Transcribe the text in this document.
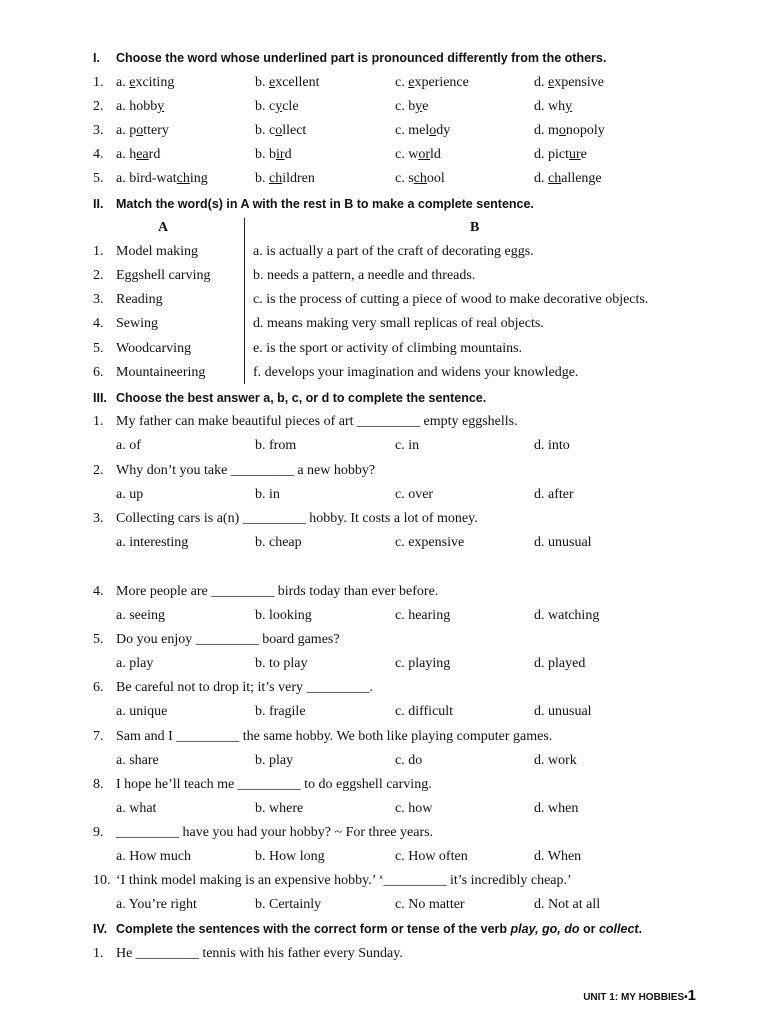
I. Choose the word whose underlined part is pronounced differently from the others.
1. a. exciting	b. excellent	c. experience	d. expensive
2. a. hobby	b. cycle	c. bye	d. why
3. a. pottery	b. collect	c. melody	d. monopoly
4. a. heard	b. bird	c. world	d. picture
5. a. bird-watching	b. children	c. school	d. challenge
II. Match the word(s) in A with the rest in B to make a complete sentence.
A	B
1. Model making	a. is actually a part of the craft of decorating eggs.
2. Eggshell carving	b. needs a pattern, a needle and threads.
3. Reading	c. is the process of cutting a piece of wood to make decorative objects.
4. Sewing	d. means making very small replicas of real objects.
5. Woodcarving	e. is the sport or activity of climbing mountains.
6. Mountaineering	f. develops your imagination and widens your knowledge.
III. Choose the best answer a, b, c, or d to complete the sentence.
1. My father can make beautiful pieces of art _________ empty eggshells.
a. of	b. from	c. in	d. into
2. Why don’t you take _________ a new hobby?
a. up	b. in	c. over	d. after
3. Collecting cars is a(n) _________ hobby. It costs a lot of money.
a. interesting	b. cheap	c. expensive	d. unusual
4. More people are _________ birds today than ever before.
a. seeing	b. looking	c. hearing	d. watching
5. Do you enjoy _________ board games?
a. play	b. to play	c. playing	d. played
6. Be careful not to drop it; it’s very _________.
a. unique	b. fragile	c. difficult	d. unusual
7. Sam and I _________ the same hobby. We both like playing computer games.
a. share	b. play	c. do	d. work
8. I hope he’ll teach me _________ to do eggshell carving.
a. what	b. where	c. how	d. when
9. _________ have you had your hobby? ~ For three years.
a. How much	b. How long	c. How often	d. When
10. ‘I think model making is an expensive hobby.’ ‘_________ it’s incredibly cheap.’
a. You’re right	b. Certainly	c. No matter	d. Not at all
IV. Complete the sentences with the correct form or tense of the verb play, go, do or collect.
1. He _________ tennis with his father every Sunday.
UNIT 1: MY HOBBIES•1
